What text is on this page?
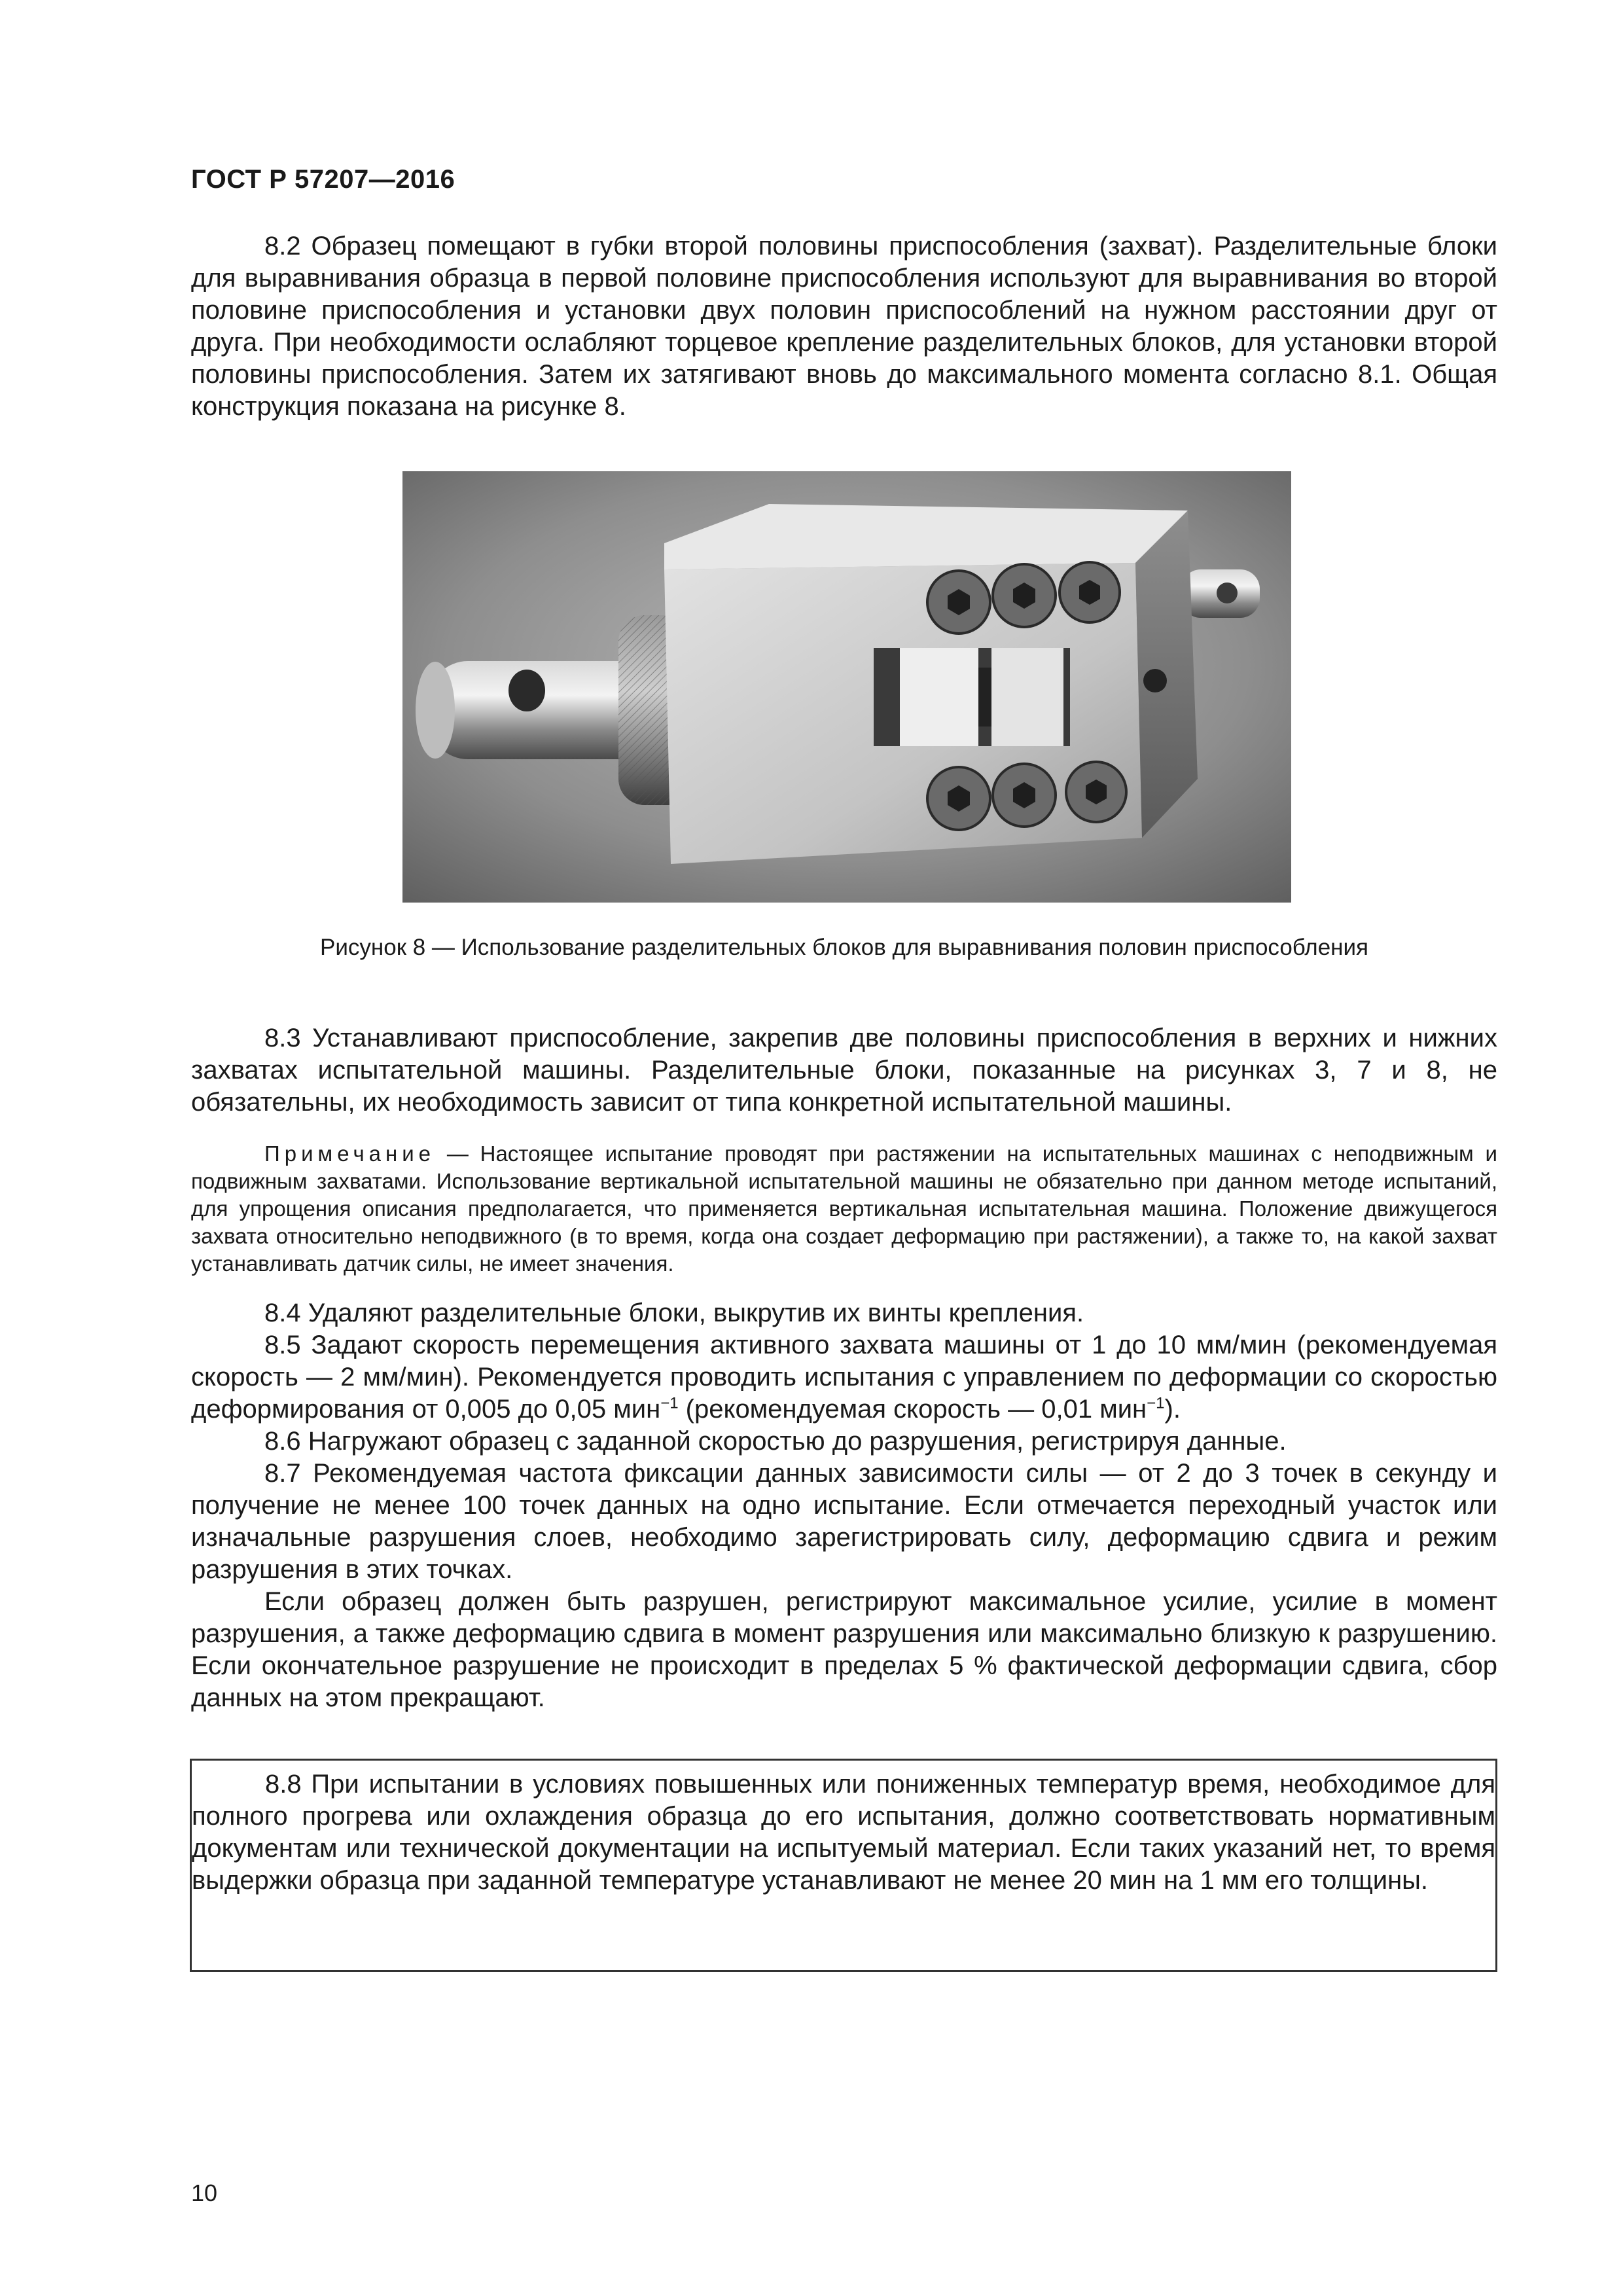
ГОСТ Р 57207—2016

8.2 Образец помещают в губки второй половины приспособления (захват). Разделительные блоки для выравнивания образца в первой половине приспособления используют для выравнивания во второй половине приспособления и установки двух половин приспособлений на нужном расстоянии друг от друга. При необходимости ослабляют торцевое крепление разделительных блоков, для установки второй половины приспособления. Затем их затягивают вновь до максимального момента согласно 8.1. Общая конструкция показана на рисунке 8.

Рисунок 8 — Использование разделительных блоков для выравнивания половин приспособления

8.3 Устанавливают приспособление, закрепив две половины приспособления в верхних и нижних захватах испытательной машины. Разделительные блоки, показанные на рисунках 3, 7 и 8, не обязательны, их необходимость зависит от типа конкретной испытательной машины.

Примечание — Настоящее испытание проводят при растяжении на испытательных машинах с неподвижным и подвижным захватами. Использование вертикальной испытательной машины не обязательно при данном методе испытаний, для упрощения описания предполагается, что применяется вертикальная испытательная машина. Положение движущегося захвата относительно неподвижного (в то время, когда она создает деформацию при растяжении), а также то, на какой захват устанавливать датчик силы, не имеет значения.

8.4 Удаляют разделительные блоки, выкрутив их винты крепления.

8.5 Задают скорость перемещения активного захвата машины от 1 до 10 мм/мин (рекомендуемая скорость — 2 мм/мин). Рекомендуется проводить испытания с управлением по деформации со скоростью деформирования от 0,005 до 0,05 мин$^{-1}$ (рекомендуемая скорость — 0,01 мин$^{-1}$).

8.6 Нагружают образец с заданной скоростью до разрушения, регистрируя данные.

8.7 Рекомендуемая частота фиксации данных зависимости силы — от 2 до 3 точек в секунду и получение не менее 100 точек данных на одно испытание. Если отмечается переходный участок или изначальные разрушения слоев, необходимо зарегистрировать силу, деформацию сдвига и режим разрушения в этих точках.

Если образец должен быть разрушен, регистрируют максимальное усилие, усилие в момент разрушения, а также деформацию сдвига в момент разрушения или максимально близкую к разрушению. Если окончательное разрушение не происходит в пределах 5 % фактической деформации сдвига, сбор данных на этом прекращают.

8.8 При испытании в условиях повышенных или пониженных температур время, необходимое для полного прогрева или охлаждения образца до его испытания, должно соответствовать нормативным документам или технической документации на испытуемый материал. Если таких указаний нет, то время выдержки образца при заданной температуре устанавливают не менее 20 мин на 1 мм его толщины.

10
